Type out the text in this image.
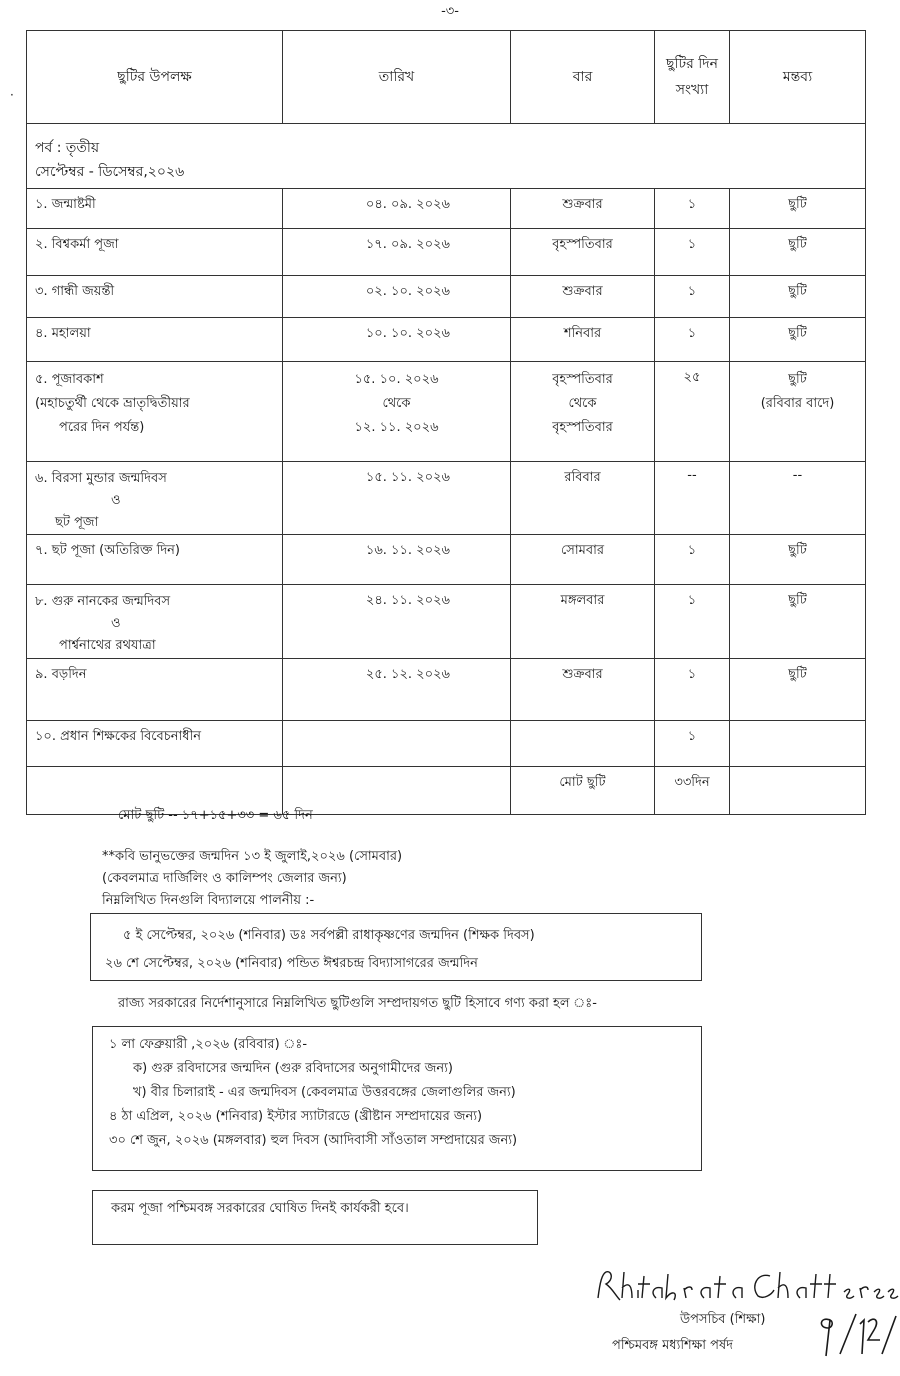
-৩-
·
ছুটির উপলক্ষ	তারিখ	বার	ছুটির দিন সংখ্যা	মন্তব্য

পর্ব : তৃতীয়
সেপ্টেম্বর - ডিসেম্বর,২০২৬				

১. জন্মাষ্টমী	০৪. ০৯. ২০২৬	শুক্রবার	১	ছুটি
২. বিশ্বকর্মা পূজা	১৭. ০৯. ২০২৬	বৃহস্পতিবার	১	ছুটি
৩. গান্ধী জয়ন্তী	০২. ১০. ২০২৬	শুক্রবার	১	ছুটি
৪. মহালয়া	১০. ১০. ২০২৬	শনিবার	১	ছুটি

৫. পূজাবকাশ
(মহাচতুর্থী থেকে ভ্রাতৃদ্বিতীয়ার
পরের দিন পর্যন্ত)	১৫. ১০. ২০২৬
থেকে
১২. ১১. ২০২৬	বৃহস্পতিবার
থেকে
বৃহস্পতিবার	২৫	ছুটি
(রবিবার বাদে)

৬. বিরসা মুন্ডার জন্মদিবস
ও
ছট পূজা	১৫. ১১. ২০২৬	রবিবার	--	--
৭. ছট পূজা (অতিরিক্ত দিন)	১৬. ১১. ২০২৬	সোমবার	১	ছুটি

৮. গুরু নানকের জন্মদিবস
ও
পার্শ্বনাথের রথযাত্রা	২৪. ১১. ২০২৬	মঙ্গলবার	১	ছুটি
৯. বড়দিন	২৫. ১২. ২০২৬	শুক্রবার	১	ছুটি
১০. প্রধান শিক্ষকের বিবেচনাধীন			১	
		মোট ছুটি	৩৩দিন	
মোট ছুটি -- ১৭+১৫+৩৩ = ৬৫ দিন
**কবি ভানুভক্তের জন্মদিন ১৩ ই জুলাই,২০২৬ (সোমবার)
(কেবলমাত্র দার্জিলিং ও কালিম্পং জেলার জন্য)
নিম্নলিখিত দিনগুলি বিদ্যালয়ে পালনীয় :-
৫ ই সেপ্টেম্বর, ২০২৬ (শনিবার) ডঃ সর্বপল্লী রাধাকৃষ্ণণের জন্মদিন (শিক্ষক দিবস)
২৬ শে সেপ্টেম্বর, ২০২৬ (শনিবার) পন্ডিত ঈশ্বরচন্দ্র বিদ্যাসাগরের জন্মদিন
রাজ্য সরকারের নির্দেশানুসারে নিম্নলিখিত ছুটিগুলি সম্প্রদায়গত ছুটি হিসাবে গণ্য করা হল ঃ-
১ লা ফেব্রুয়ারী ,২০২৬ (রবিবার) ঃ-
ক) গুরু রবিদাসের জন্মদিন (গুরু রবিদাসের অনুগামীদের জন্য)
খ) বীর চিলারাই - এর জন্মদিবস (কেবলমাত্র উত্তরবঙ্গের জেলাগুলির জন্য)
৪ ঠা এপ্রিল, ২০২৬ (শনিবার) ইস্টার স্যাটারডে (খ্রীষ্টান সম্প্রদায়ের জন্য)
৩০ শে জুন, ২০২৬ (মঙ্গলবার) হুল দিবস (আদিবাসী সাঁওতাল সম্প্রদায়ের জন্য)
করম পূজা পশ্চিমবঙ্গ সরকারের ঘোষিত দিনই কার্যকরী হবে।
উপসচিব (শিক্ষা)
পশ্চিমবঙ্গ মধ্যশিক্ষা পর্ষদ
